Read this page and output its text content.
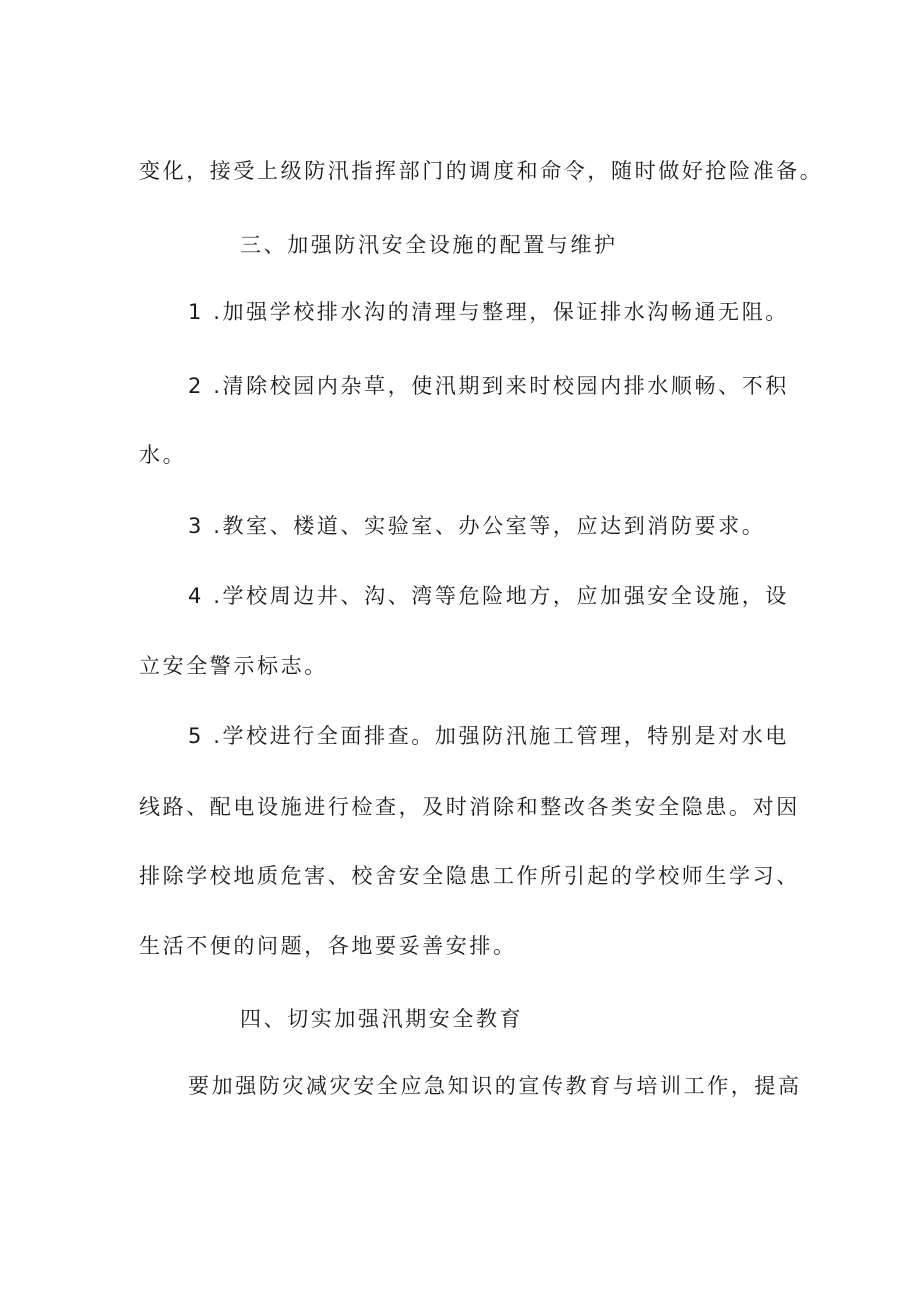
变化，接受上级防汛指挥部门的调度和命令，随时做好抢险准备。
三、加强防汛安全设施的配置与维护
1 .加强学校排水沟的清理与整理，保证排水沟畅通无阻。
2 .清除校园内杂草，使汛期到来时校园内排水顺畅、不积
水。
3 .教室、楼道、实验室、办公室等，应达到消防要求。
4 .学校周边井、沟、湾等危险地方，应加强安全设施，设
立安全警示标志。
5 .学校进行全面排查。加强防汛施工管理，特别是对水电
线路、配电设施进行检查，及时消除和整改各类安全隐患。对因
排除学校地质危害、校舍安全隐患工作所引起的学校师生学习、
生活不便的问题，各地要妥善安排。
四、切实加强汛期安全教育
要加强防灾减灾安全应急知识的宣传教育与培训工作，提高
